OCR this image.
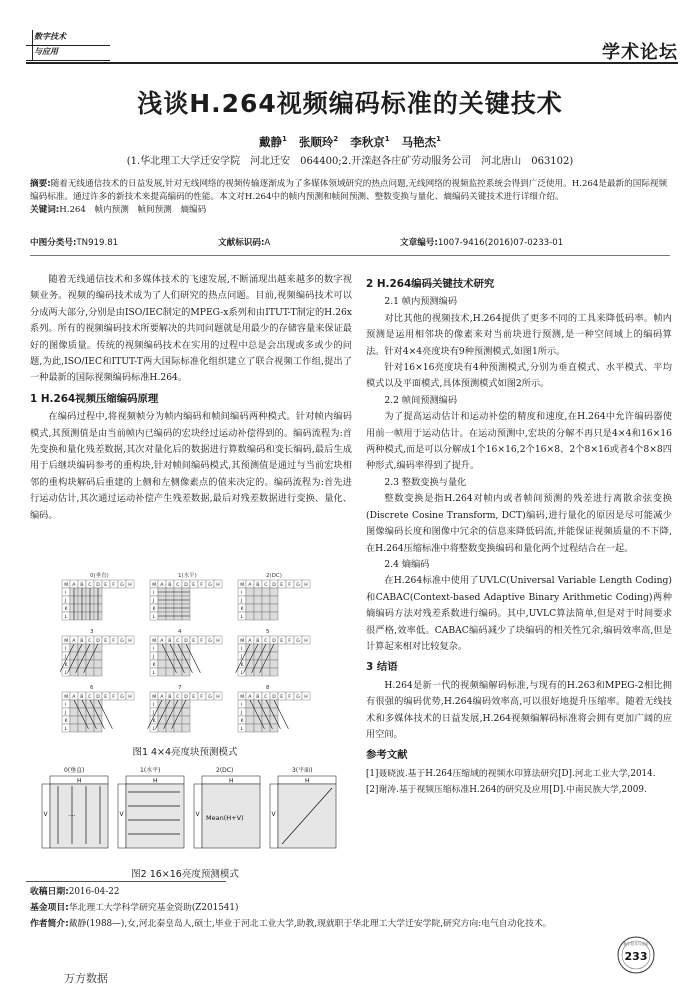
数字技术
与应用	学术论坛
浅谈H.264视频编码标准的关键技术
戴静$^1$ 张顺玲$^2$ 李秋京$^1$ 马艳杰$^1$
(1.华北理工大学迁安学院　河北迁安　064400;2.开滦赵各庄矿劳动服务公司　河北唐山　063102)
摘要:随着无线通信技术的日益发展,针对无线网络的视频传输逐渐成为了多媒体领域研究的热点问题,无线网络的视频监控系统会得到广泛使用。H.264是最新的国际视频编码标准。通过许多的新技术来提高编码的性能。本文对H.264中的帧内预测和帧间预测、整数变换与量化、熵编码关键技术进行详细介绍。
关键词:H.264　帧内预测　帧间预测　熵编码
中图分类号:TN919.81	文献标识码:A	文章编号:1007-9416(2016)07-0233-01

随着无线通信技术和多媒体技术的飞速发展,不断涌现出越来越多的数字视频业务。视频的编码技术成为了人们研究的热点问题。目前,视频编码技术可以分成两大部分,分别是由ISO/IEC制定的MPEG-x系列和由ITUT-T制定的H.26x系列。所有的视频编码技术所要解决的共同问题就是用最少的存储容量来保证最好的图像质量。传统的视频编码技术在实用的过程中总是会出现或多或少的问题,为此,ISO/IEC和ITUT-T两大国际标准化组织建立了联合视频工作组,提出了一种最新的国际视频编码标准H.264。

1 H.264视频压缩编码原理

在编码过程中,将视频帧分为帧内编码和帧间编码两种模式。针对帧内编码模式,其预测值是由当前帧内已编码的宏块经过运动补偿得到的。编码流程为:首先变换和量化残差数据,其次对量化后的数据进行算数编码和变长编码,最后生成用于后继块编码参考的重构块,针对帧间编码模式,其预测值是通过与当前宏块相邻的重构块解码后重建的上侧和左侧像素点的值来决定的。编码流程为:首先进行运动估计,其次通过运动补偿产生残差数据,最后对残差数据进行变换、量化、编码。

0(垂直)
M A B C D E F G H
I
J
K
L
1(水平)
M A B C D E F G H
I
J
K
L
2(DC)
M A B C D E F G H
I
J
K
L
3
M A B C D E F G H
I
J
K
L
4
M A B C D E F G H
I
J
K
L
5
M A B C D E F G H
I
J
K
L
6
M A B C D E F G H
I
J
K
L
7
M A B C D E F G H
I
J
K
L
8
M A B C D E F G H
I
J
K
L
图1 4×4亮度块预测模式
0(垂直)
H
V	....
1(水平)
H
V
2(DC)
H
V Mean(H+V)
3(平面)
H
V
图2 16×16亮度预测模式
2 H.264编码关键技术研究
2.1 帧内预测编码

对比其他的视频技术,H.264提供了更多不同的工具来降低码率。帧内预测是运用相邻块的像素来对当前块进行预测,是一种空间域上的编码算法。针对4×4亮度块有9种预测模式,如图1所示。

针对16×16亮度块有4种预测模式,分别为垂直模式、水平模式、平均模式以及平面模式,具体预测模式如图2所示。

2.2 帧间预测编码

为了提高运动估计和运动补偿的精度和速度,在H.264中允许编码器使用前一帧用于运动估计。在运动预测中,宏块的分解不再只是4×4和16×16两种模式,而是可以分解成1个16×16,2个16×8、2个8×16或者4个8×8四种形式,编码率得到了提升。

2.3 整数变换与量化

整数变换是指H.264对帧内或者帧间预测的残差进行离散余弦变换(Discrete Cosine Transform, DCT)编码,进行量化的原因是尽可能减少图像编码长度和图像中冗余的信息来降低码流,并能保证视频质量的不下降,在H.264压缩标准中将整数变换编码和量化两个过程结合在一起。

2.4 熵编码

在H.264标准中使用了UVLC(Universal Variable Length Coding)和CABAC(Context-based Adaptive Binary Arithmetic Coding)两种熵编码方法对残差系数进行编码。其中,UVLC算法简单,但是对于时间要求很严格,效率低。CABAC编码减少了块编码的相关性冗余,编码效率高,但是计算起来相对比较复杂。

3 结语

H.264是新一代的视频编解码标准,与现有的H.263和MPEG-2相比拥有很强的编码优势,H.264编码效率高,可以很好地提升压缩率。随着无线技术和多媒体技术的日益发展,H.264视频编解码标准将会拥有更加广阔的应用空间。

参考文献
[1]聂晓波.基于H.264压缩域的视频水印算法研究[D].河北工业大学,2014.
[2]谢涛.基于视频压缩标准H.264的研究及应用[D].中南民族大学,2009.
收稿日期:2016-04-22
基金项目:华北理工大学科学研究基金资助(Z201541)
作者简介:戴静(1988—),女,河北秦皇岛人,硕士,毕业于河北工业大学,助教,现就职于华北理工大学迁安学院,研究方向:电气自动化技术。
数字技术与应用
233
万方数据
